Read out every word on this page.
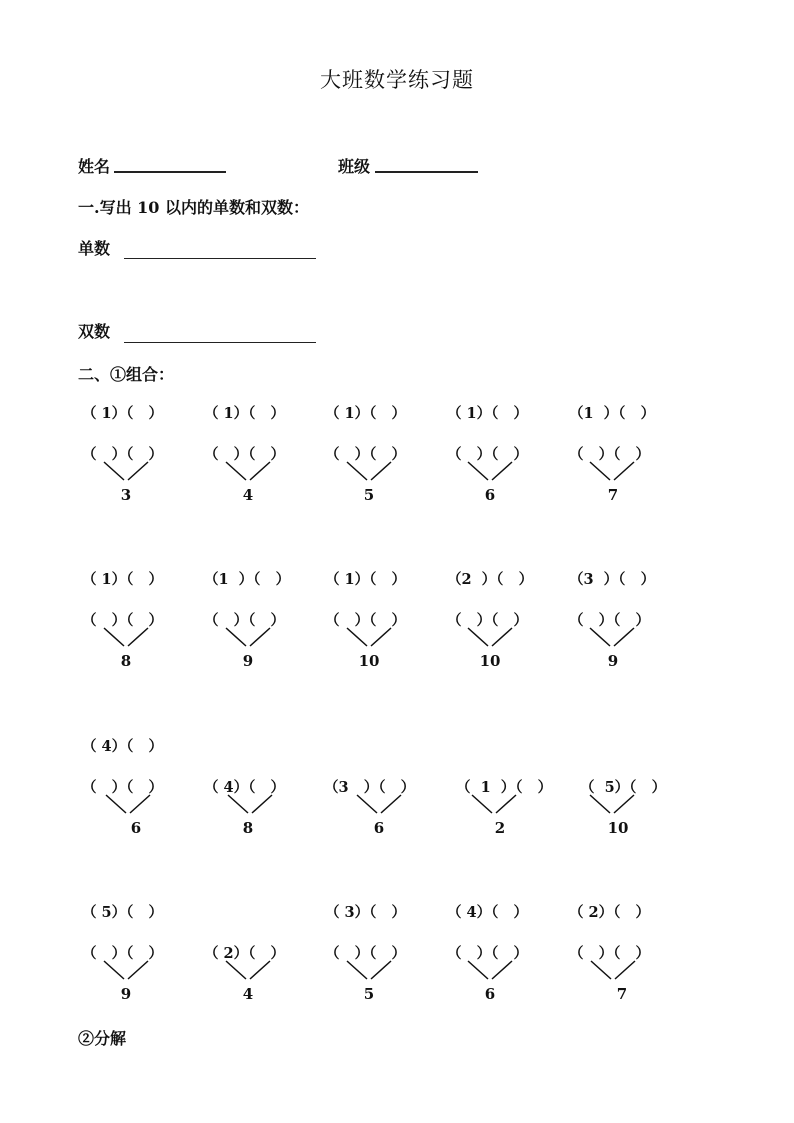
大班数学练习题
姓名	班级
一.写出 10 以内的单数和双数：
单数
双数
二、①组合：
（ 1）（   ）
（   ）（   ）
3
（ 1）（   ）
（   ）（   ）
4
（ 1）（   ）
（   ）（   ）
5
（ 1）（   ）
（   ）（   ）
6
（1  ）（   ）
（   ）（   ）
7
（ 1）（   ）
（   ）（   ）
8
（1  ）（   ）
（   ）（   ）
9
（ 1）（   ）
（   ）（   ）
10
（2  ）（   ）
（   ）（   ）
10
（3  ）（   ）
（   ）（   ）
9
（ 4）（   ）
（   ）（   ）
6
（ 4）（   ）
8
（3   ）（   ）
6
（  1  ）（   ）
2
（  5）（   ）
10
（ 5）（   ）
（   ）（   ）
9
（ 2）（   ）
4
（ 3）（   ）
（   ）（   ）
5
（ 4）（   ）
（   ）（   ）
6
（ 2）（   ）
（   ）（   ）
7
②分解
